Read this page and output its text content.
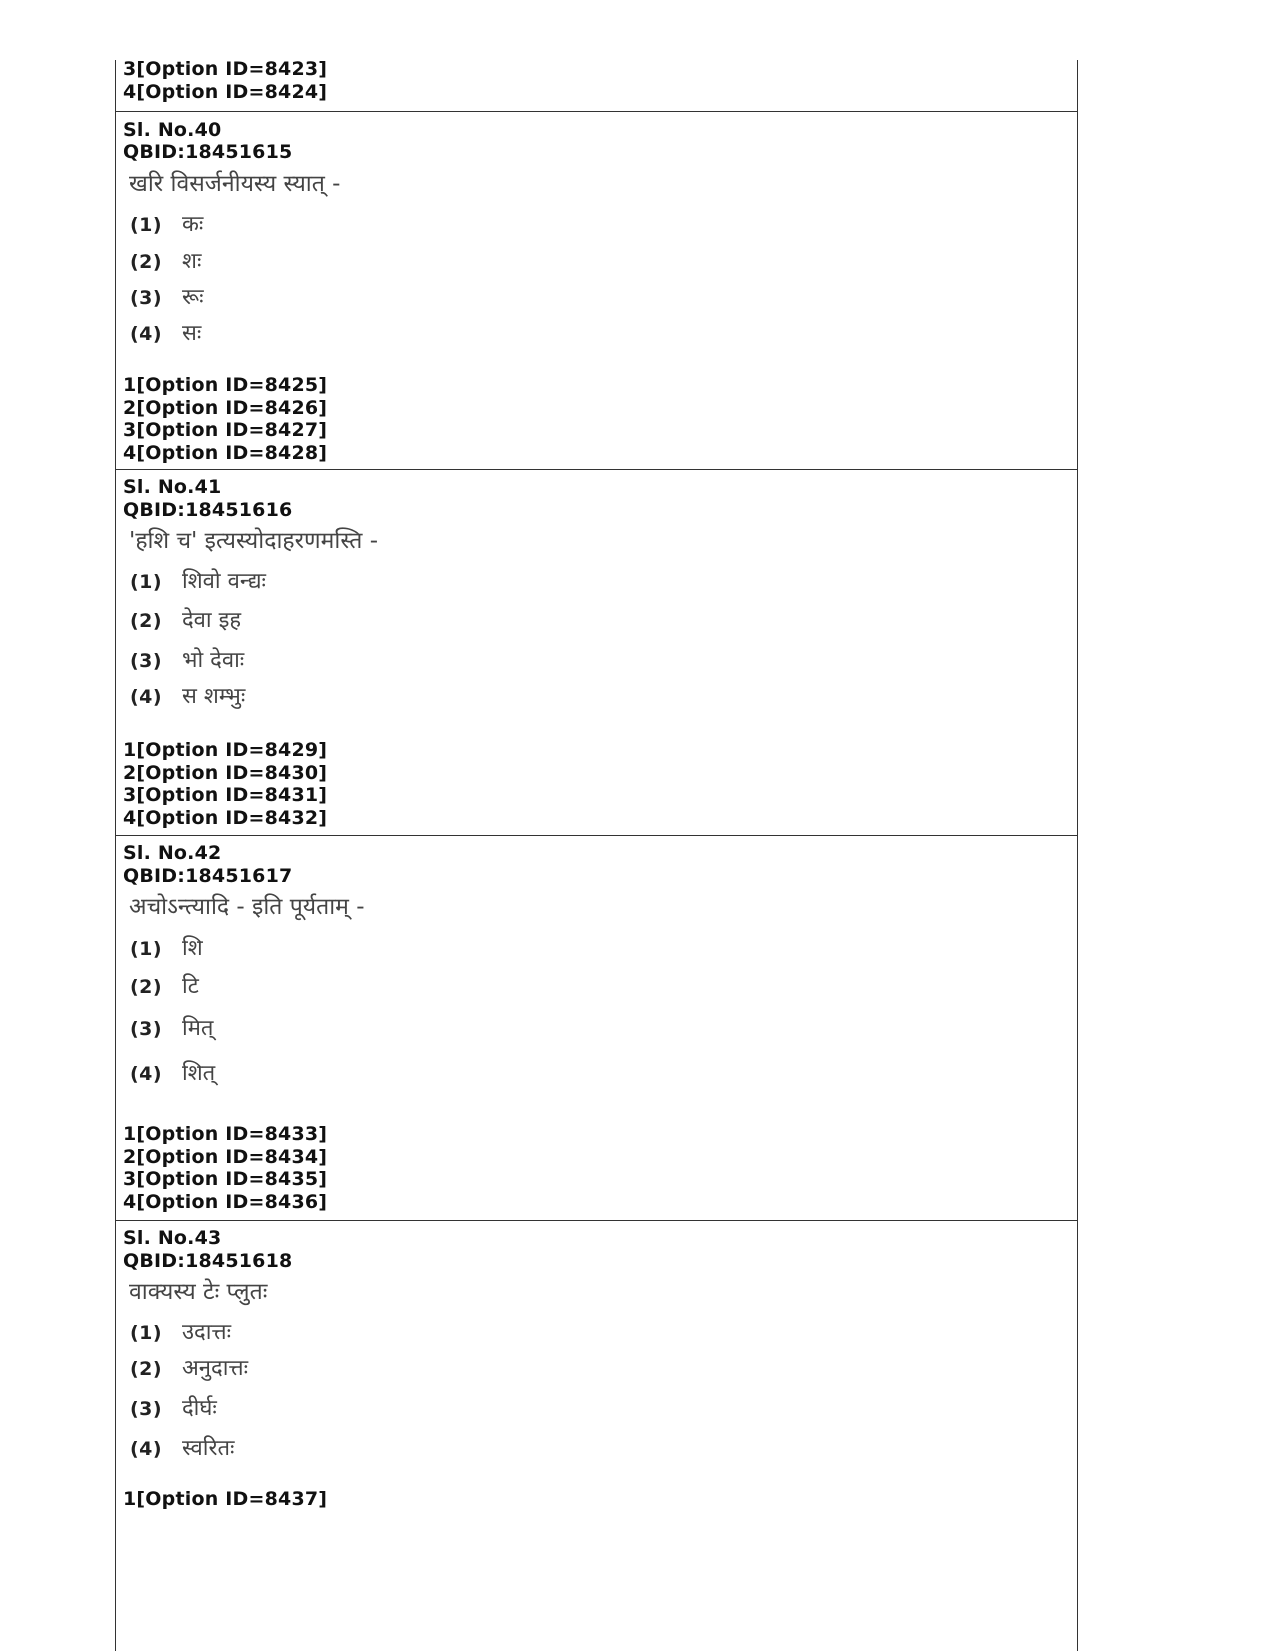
3[Option ID=8423]
4[Option ID=8424]
Sl. No.40
QBID:18451615
खरि विसर्जनीयस्य स्यात् -
(1) कः
(2) शः
(3) रूः
(4) सः
1[Option ID=8425]
2[Option ID=8426]
3[Option ID=8427]
4[Option ID=8428]
Sl. No.41
QBID:18451616
'हशि च' इत्यस्योदाहरणमस्ति -
(1) शिवो वन्द्यः
(2) देवा इह
(3) भो देवाः
(4) स शम्भुः
1[Option ID=8429]
2[Option ID=8430]
3[Option ID=8431]
4[Option ID=8432]
Sl. No.42
QBID:18451617
अचोऽन्त्यादि - इति पूर्यताम् -
(1) शि
(2) टि
(3) मित्
(4) शित्
1[Option ID=8433]
2[Option ID=8434]
3[Option ID=8435]
4[Option ID=8436]
Sl. No.43
QBID:18451618
वाक्यस्य टेः प्लुतः
(1) उदात्तः
(2) अनुदात्तः
(3) दीर्घः
(4) स्वरितः
1[Option ID=8437]
